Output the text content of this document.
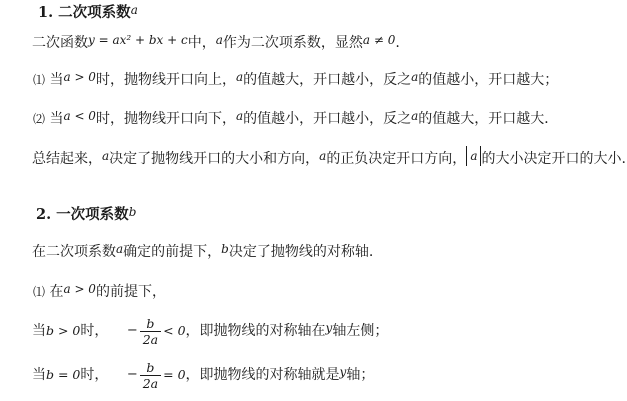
1. 二次项系数$^a$
二次函数y = ax² + bx + c中，a作为二次项系数，显然a ≠ 0.
⑴ 当a > 0时，抛物线开口向上，a的值越大，开口越小，反之a的值越小，开口越大；
⑵ 当a < 0时，抛物线开口向下，a的值越小，开口越小，反之a的值越大，开口越大．
总结起来，a决定了抛物线开口的大小和方向，a的正负决定开口方向， a 的大小决定开口的大小.
2. 一次项系数$^b$
在二次项系数a确定的前提下，b决定了抛物线的对称轴.
⑴ 在a > 0的前提下，
当b > 0时， − $\frac{b}{2a} < 0$，即抛物线的对称轴在y轴左侧；
当b = 0时， − $\frac{b}{2a} = 0$，即抛物线的对称轴就是y轴；
